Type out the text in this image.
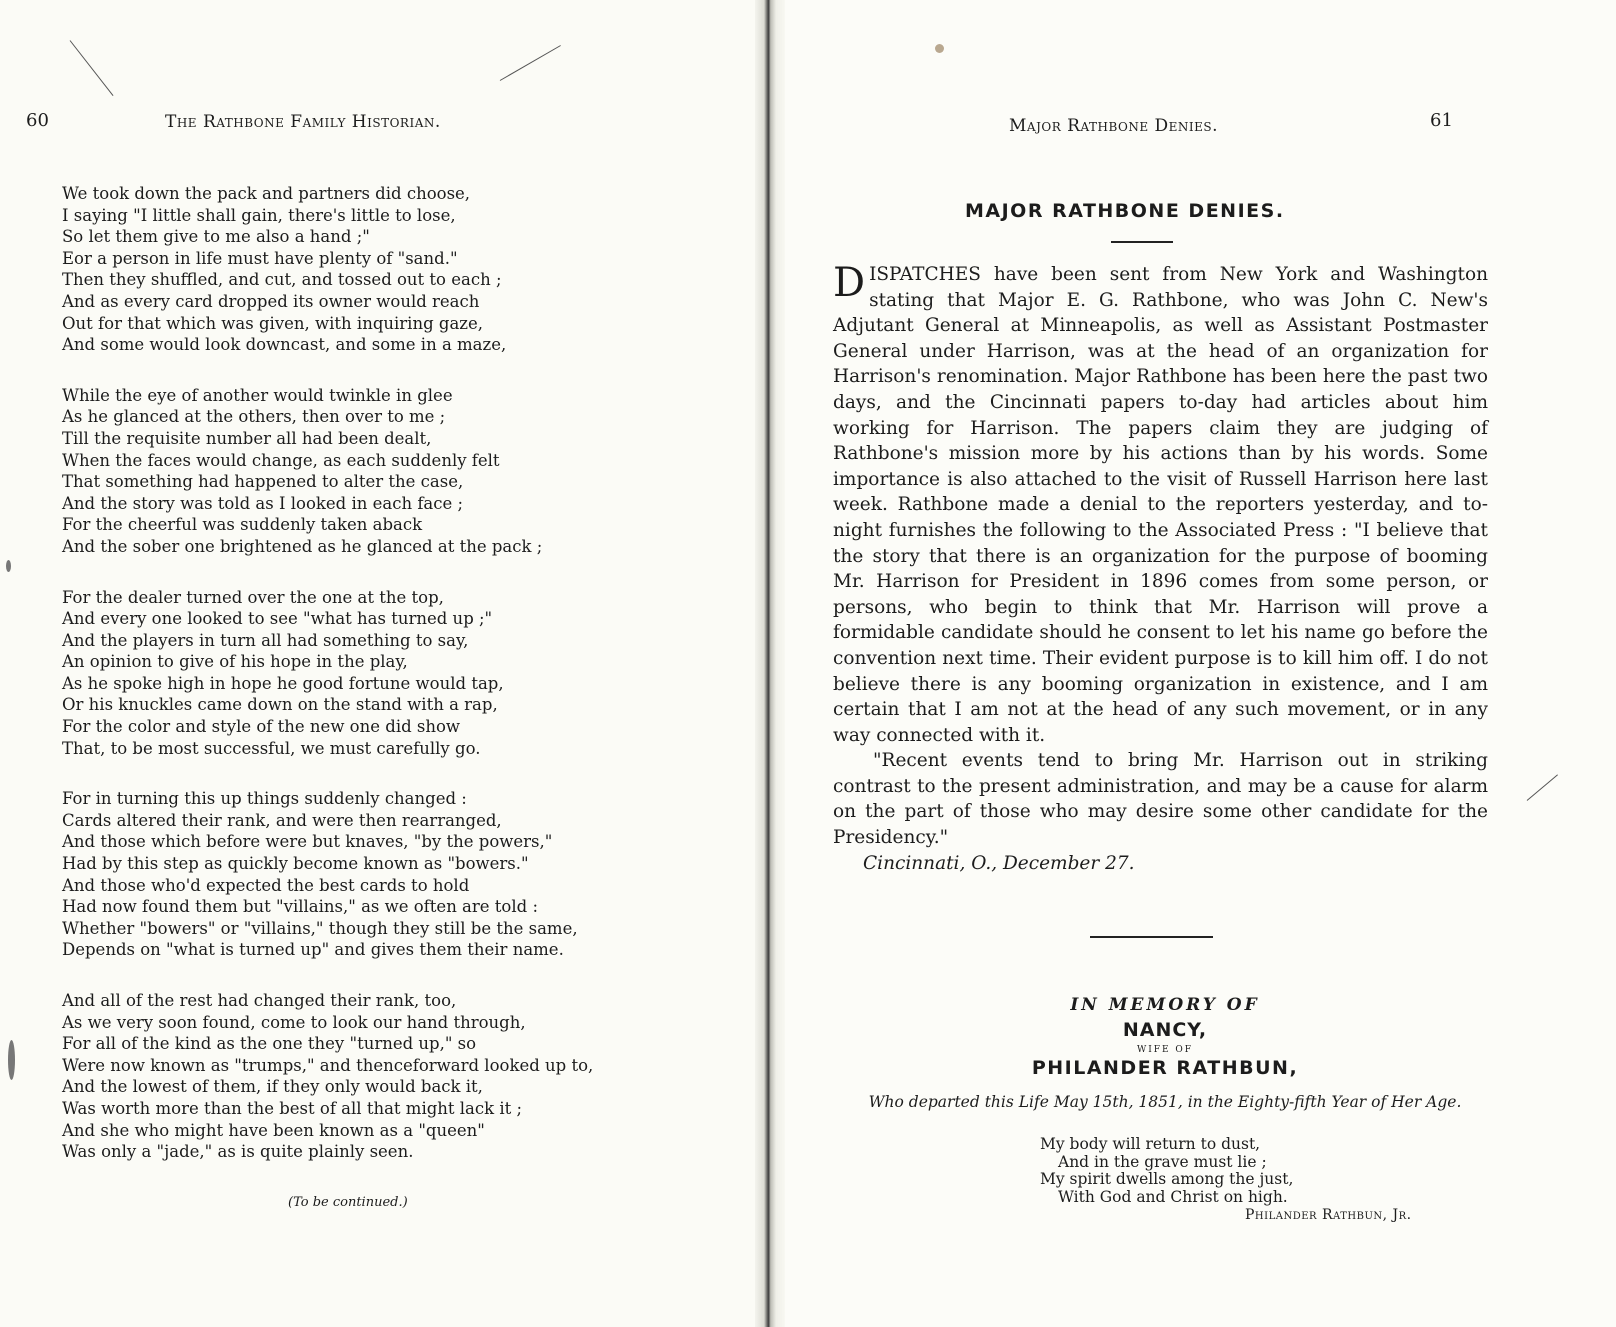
60	The Rathbone Family Historian.
We took down the pack and partners did choose,
I saying "I little shall gain, there's little to lose,
So let them give to me also a hand ;"
Eor a person in life must have plenty of "sand."
Then they shuffled, and cut, and tossed out to each ;
And as every card dropped its owner would reach
Out for that which was given, with inquiring gaze,
And some would look downcast, and some in a maze,
While the eye of another would twinkle in glee
As he glanced at the others, then over to me ;
Till the requisite number all had been dealt,
When the faces would change, as each suddenly felt
That something had happened to alter the case,
And the story was told as I looked in each face ;
For the cheerful was suddenly taken aback
And the sober one brightened as he glanced at the pack ;
For the dealer turned over the one at the top,
And every one looked to see "what has turned up ;"
And the players in turn all had something to say,
An opinion to give of his hope in the play,
As he spoke high in hope he good fortune would tap,
Or his knuckles came down on the stand with a rap,
For the color and style of the new one did show
That, to be most successful, we must carefully go.
For in turning this up things suddenly changed :
Cards altered their rank, and were then rearranged,
And those which before were but knaves, "by the powers,"
Had by this step as quickly become known as "bowers."
And those who'd expected the best cards to hold
Had now found them but "villains," as we often are told :
Whether "bowers" or "villains," though they still be the same,
Depends on "what is turned up" and gives them their name.
And all of the rest had changed their rank, too,
As we very soon found, come to look our hand through,
For all of the kind as the one they "turned up," so
Were now known as "trumps," and thenceforward looked up to,
And the lowest of them, if they only would back it,
Was worth more than the best of all that might lack it ;
And she who might have been known as a "queen"
Was only a "jade," as is quite plainly seen.
(To be continued.)
Major Rathbone Denies.	61
MAJOR RATHBONE DENIES.

DISPATCHES have been sent from New York and Washington stating that Major E. G. Rathbone, who was John C. New's Adjutant General at Minneapolis, as well as Assistant Postmaster General under Harrison, was at the head of an organization for Harrison's renomination. Major Rathbone has been here the past two days, and the Cincinnati papers to-day had articles about him working for Harrison. The papers claim they are judging of Rathbone's mission more by his actions than by his words. Some importance is also attached to the visit of Russell Harrison here last week. Rathbone made a denial to the reporters yesterday, and to-night furnishes the following to the Associated Press : "I believe that the story that there is an organization for the purpose of booming Mr. Harrison for President in 1896 comes from some person, or persons, who begin to think that Mr. Harrison will prove a formidable candidate should he consent to let his name go before the convention next time. Their evident purpose is to kill him off. I do not believe there is any booming organization in existence, and I am certain that I am not at the head of any such movement, or in any way connected with it.

"Recent events tend to bring Mr. Harrison out in striking contrast to the present administration, and may be a cause for alarm on the part of those who may desire some other candidate for the Presidency."

Cincinnati, O., December 27.

IN MEMORY OF
NANCY,
WIFE OF
PHILANDER RATHBUN,
Who departed this Life May 15th, 1851, in the Eighty-fifth Year of Her Age.
My body will return to dust,
And in the grave must lie ;
My spirit dwells among the just,
With God and Christ on high.
Philander Rathbun, Jr.
